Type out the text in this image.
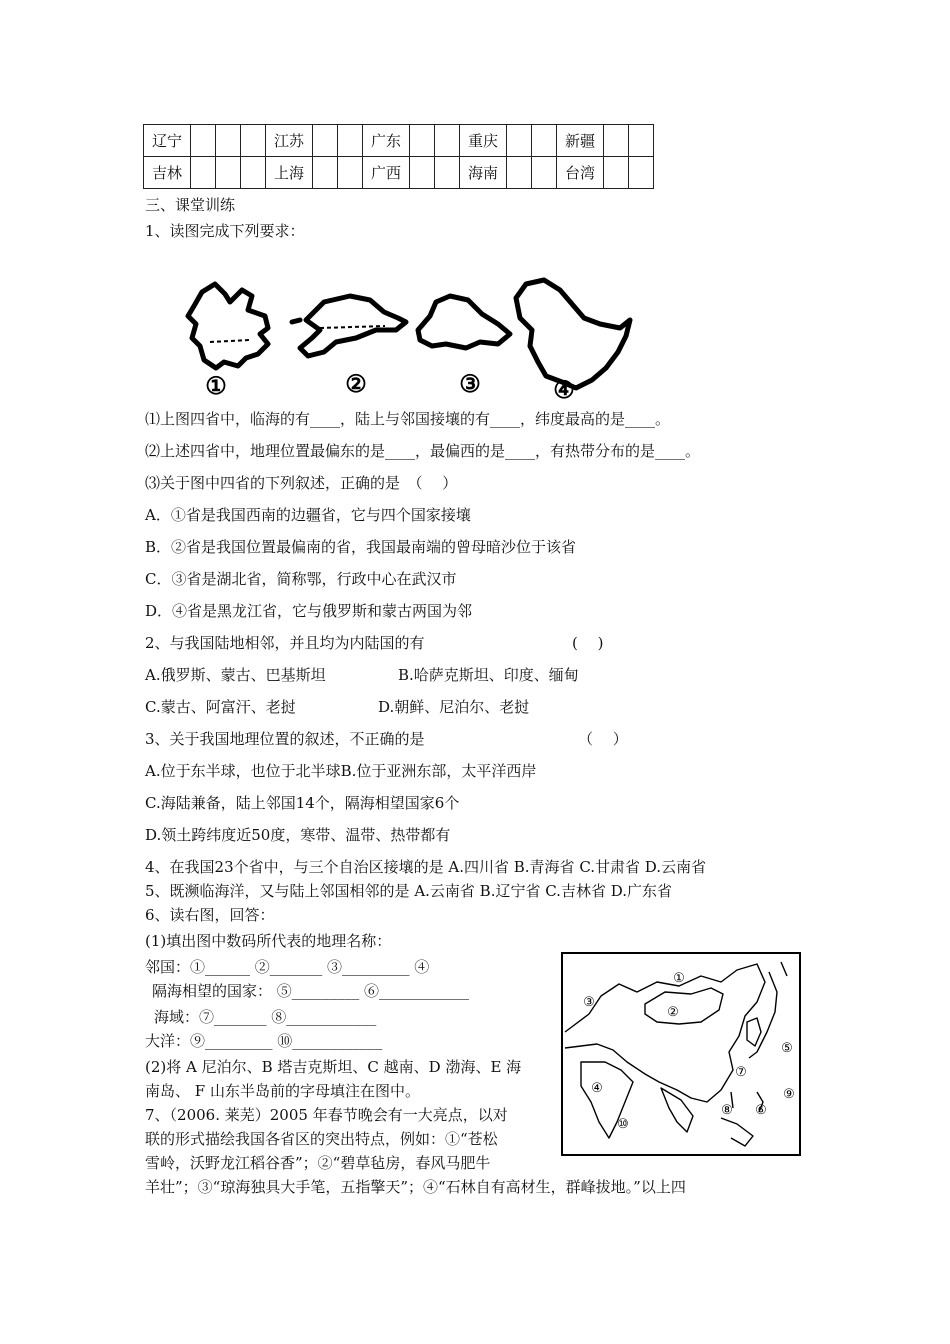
辽宁				江苏			广东			重庆			新疆		
吉林				上海			广西			海南			台湾		
三、课堂训练
1、读图完成下列要求：
①	②	③	④
⑴上图四省中，临海的有____，陆上与邻国接壤的有____，纬度最高的是____。
⑵上述四省中，地理位置最偏东的是____，最偏西的是____，有热带分布的是____。
⑶关于图中四省的下列叙述，正确的是　（　 ）
A．①省是我国西南的边疆省，它与四个国家接壤
B．②省是我国位置最偏南的省，我国最南端的曾母暗沙位于该省
C．③省是湖北省，简称鄂，行政中心在武汉市
D．④省是黑龙江省，它与俄罗斯和蒙古两国为邻
2、与我国陆地相邻，并且均为内陆国的有	(　 )
A.俄罗斯、蒙古、巴基斯坦	B.哈萨克斯坦、印度、缅甸
C.蒙古、阿富汗、老挝	D.朝鲜、尼泊尔、老挝
3、关于我国地理位置的叙述，不正确的是	（　 ）
A.位于东半球，也位于北半球B.位于亚洲东部，太平洋西岸
C.海陆兼备，陆上邻国14个，隔海相望国家6个
D.领土跨纬度近50度，寒带、温带、热带都有
4、在我国23个省中，与三个自治区接壤的是 A.四川省 B.青海省 C.甘肃省 D.云南省
5、既濒临海洋，又与陆上邻国相邻的是 A.云南省 B.辽宁省 C.吉林省 D.广东省
6、读右图，回答：
(1)填出图中数码所代表的地理名称：
邻国：①______ ②_______ ③_________ ④
隔海相望的国家： ⑤_________ ⑥____________
海域：⑦_______ ⑧____________
大洋：⑨_________ ⑩____________
(2)将 A 尼泊尔、B 塔吉克斯坦、C 越南、D 渤海、E 海
南岛、 F 山东半岛前的字母填注在图中。
①
②
③
④
⑤
⑥
⑦
⑧
⑨
⑩
7、（2006. 莱芜）2005 年春节晚会有一大亮点，以对
联的形式描绘我国各省区的突出特点，例如：①“苍松
雪岭，沃野龙江稻谷香”；②“碧草毡房，春风马肥牛
羊壮”；③“琼海独具大手笔，五指擎天”；④“石林自有高材生，群峰拔地。”以上四
